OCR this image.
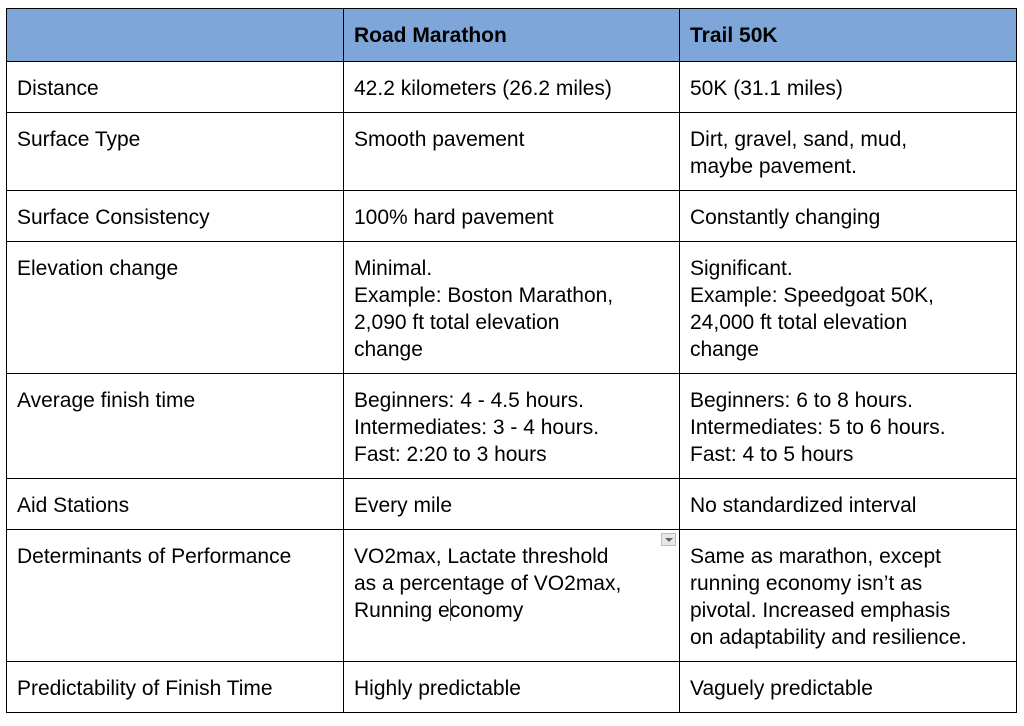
	Road Marathon	Trail 50K
Distance	42.2 kilometers (26.2 miles)	50K (31.1 miles)

Surface Type	Smooth pavement	Dirt, gravel, sand, mud,
maybe pavement.

Surface Consistency	100% hard pavement	Constantly changing

Elevation change	Minimal.
Example: Boston Marathon,
2,090 ft total elevation
change	Significant.
Example: Speedgoat 50K,
24,000 ft total elevation
change

Average finish time	Beginners: 4 - 4.5 hours.
Intermediates: 3 - 4 hours.
Fast: 2:20 to 3 hours	Beginners: 6 to 8 hours.
Intermediates: 5 to 6 hours.
Fast: 4 to 5 hours

Aid Stations	Every mile	No standardized interval

Determinants of Performance	VO2max, Lactate threshold
as a percentage of VO2max,
Running economy	Same as marathon, except
running economy isn’t as
pivotal. Increased emphasis
on adaptability and resilience.

Predictability of Finish Time	Highly predictable	Vaguely predictable
